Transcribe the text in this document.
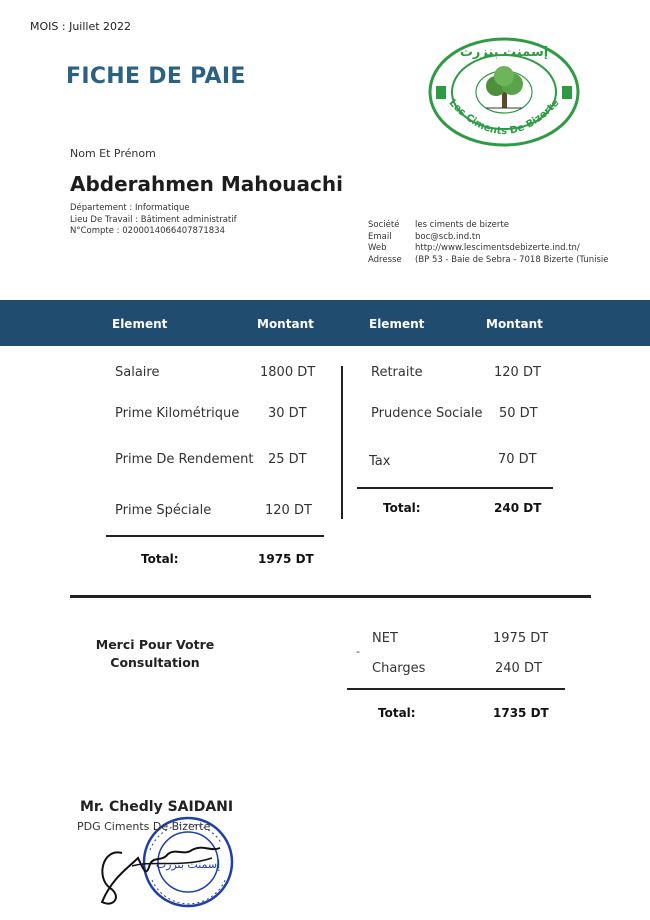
MOIS : Juillet 2022
FICHE DE PAIE
إسمنت بنزرت
Les Ciments De Bizerte
Nom Et Prénom
Abderahmen Mahouachi
Département : Informatique
Lieu De Travail : Bâtiment administratif
N°Compte : 0200014066407871834
Société	les ciments de bizerte
Email	boc@scb.ind.tn
Web	http://www.lescimentsdebizerte.ind.tn/
Adresse	(BP 53 - Baie de Sebra - 7018 Bizerte (Tunisie
Element	Montant	Element	Montant
Salaire	1800 DT
Prime Kilométrique 30 DT
Prime De Rendement 25 DT
Prime Spéciale	120 DT
Retraite	120 DT
Prudence Sociale 50 DT
Tax	70 DT
Total:	240 DT
Total:	1975 DT
Merci Pour Votre
Consultation
NET	1975 DT
-
Charges	240 DT
Total:	1735 DT
إسمنت بنزرت
Mr. Chedly SAIDANI
PDG Ciments De Bizerte
